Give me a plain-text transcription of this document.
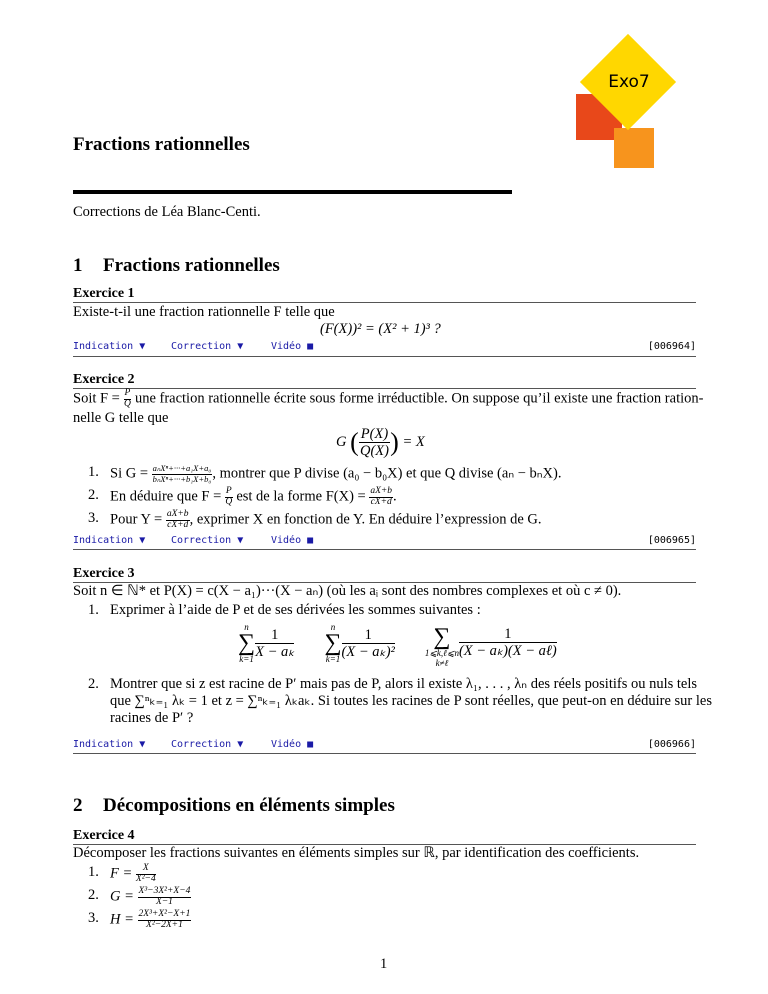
Exo7
Fractions rationnelles
Corrections de Léa Blanc-Centi.
1 Fractions rationnelles
Exercice 1
Existe-t-il une fraction rationnelle F telle que
(F(X))² = (X² + 1)³ ?
Indication ▼	Correction ▼	Vidéo ■	[006964]
Exercice 2
Soit $F = \frac{P}{Q}$ une fraction rationnelle écrite sous forme irréductible. On suppose qu’il existe une fraction ration-
nelle G telle que
G ( $\frac{P(X)}{Q(X)}$ ) = X
1. Si $G = \frac{\text{aₙXⁿ+···+a₁X+a₀}}{\text{bₙXⁿ+···+b₁X+b₀}}$ , montrer que P divise (a₀ − b₀X) et que Q divise (aₙ − bₙX).
2. En déduire que $F = \frac{P}{Q}$ est de la forme $F(X) = \frac{aX+b}{cX+d}$ .
3. Pour $Y = \frac{aX+b}{cX+d}$ , exprimer X en fonction de Y. En déduire l’expression de G.
Indication ▼	Correction ▼	Vidéo ■	[006965]
Exercice 3
Soit n ∈ ℕ* et P(X) = c(X − a₁)···(X − aₙ) (où les aᵢ sont des nombres complexes et où c ≠ 0).
1. Exprimer à l’aide de P et de ses dérivées les sommes suivantes :
n
∑
$k=1 \frac{1}{\text{X − aₖ}}$	n
∑
$k=1 \frac{1}{\text{(X − aₖ)²}}$ ∑
1⩽k,ℓ⩽n
k≠ℓ
1
(X − aₖ)(X − aℓ)
2. Montrer que si z est racine de P′ mais pas de P, alors il existe λ₁, . . . , λₙ des réels positifs ou nuls tels
que ∑ⁿₖ₌₁ λₖ = 1 et z = ∑ⁿₖ₌₁ λₖaₖ. Si toutes les racines de P sont réelles, que peut-on en déduire sur les
racines de P′ ?
Indication ▼	Correction ▼	Vidéo ■	[006966]
2 Décompositions en éléments simples
Exercice 4
Décomposer les fractions suivantes en éléments simples sur ℝ, par identification des coefficients.
1. $F = \frac{X}{\text{X²−4}}$
2. $G = \frac{\text{X³−3X²+X−4}}{X-1}$
3. $H = \frac{\text{2X³+X²−X+1}}{\text{X²−2X+1}}$
1
